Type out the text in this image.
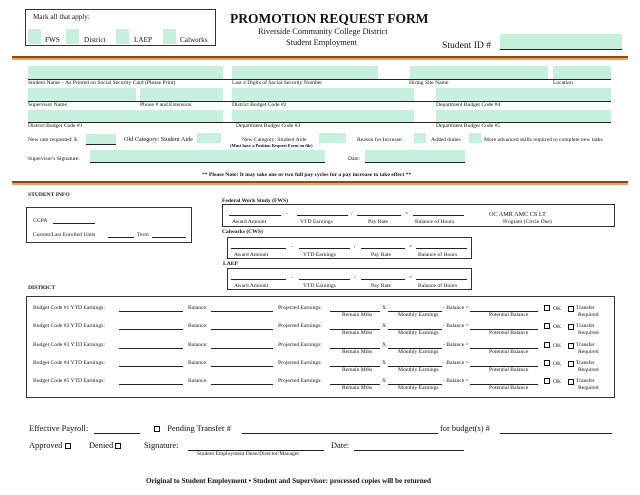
Mark all that apply:
FWS	District	LAEP	Calworks
PROMOTION REQUEST FORM
Riverside Community College District
Student Employment	Student ID #
Student Name – As Printed on Social Security Card (Please Print)	Last 4 Digits of Social Security Number	Hiring Site Name	Location
Supervisor Name	Phone # and Extension	District Budget Code #2	Department Budget Code #4
District Budget Code #1	Department Budget Code #3	Department Budget Code #5
New rate requested: $	Old Category: Student Aide	New Category: Student Aide
(Must have a Position Request Form on file)
Reason for Increase:	Added duties	More advanced skills required to complete new tasks
Supervisor's Signature:	Date:
** Please Note: It may take one or two full pay cycles for a pay increase to take effect **
STUDENT INFO
CGPA
Current/Last Enrolled Units	Term
Federal Work Study (FWS)
-	/	=
Award Amount	YTD Earnings	Pay Rate	Balance of Hours
OC AMR AMC CS LT
Program (Circle One)
Calworks (CWS)
-	/	=
Award Amount	YTD Earnings	Pay Rate	Balance of Hours
LAEP
-	/	=
Award Amount	YTD Earnings	Pay Rate	Balance of Hours
DISTRICT
Budget Code #1 YTD Earnings:	Balance:	Projected Earnings:	X	- Balance =
Remain Mths	Monthly Earnings	Potential Balance
Transfer
Required
OK
Budget Code #2 YTD Earnings:	Balance:	Projected Earnings:	X	- Balance =
Remain Mths	Monthly Earnings	Potential Balance
Transfer
Required
OK
Budget Code #3 YTD Earnings:	Balance:	Projected Earnings:	X	- Balance =
Remain Mths	Monthly Earnings	Potential Balance
Transfer
Required
OK
Budget Code #4 YTD Earnings:	Balance:	Projected Earnings:	X	- Balance =
Remain Mths	Monthly Earnings	Potential Balance
Transfer
Required
OK
Budget Code #5 YTD Earnings:	Balance:	Projected Earnings:	X	- Balance =
Remain Mths	Monthly Earnings	Potential Balance
Transfer
Required
OK
Effective Payroll:	Pending Transfer #	for budget(s) #
Approved	Denied	Signature:	Date:
Student Employment Dean/Director/Manager
Original to Student Employment • Student and Supervisor: processed copies will be returned
